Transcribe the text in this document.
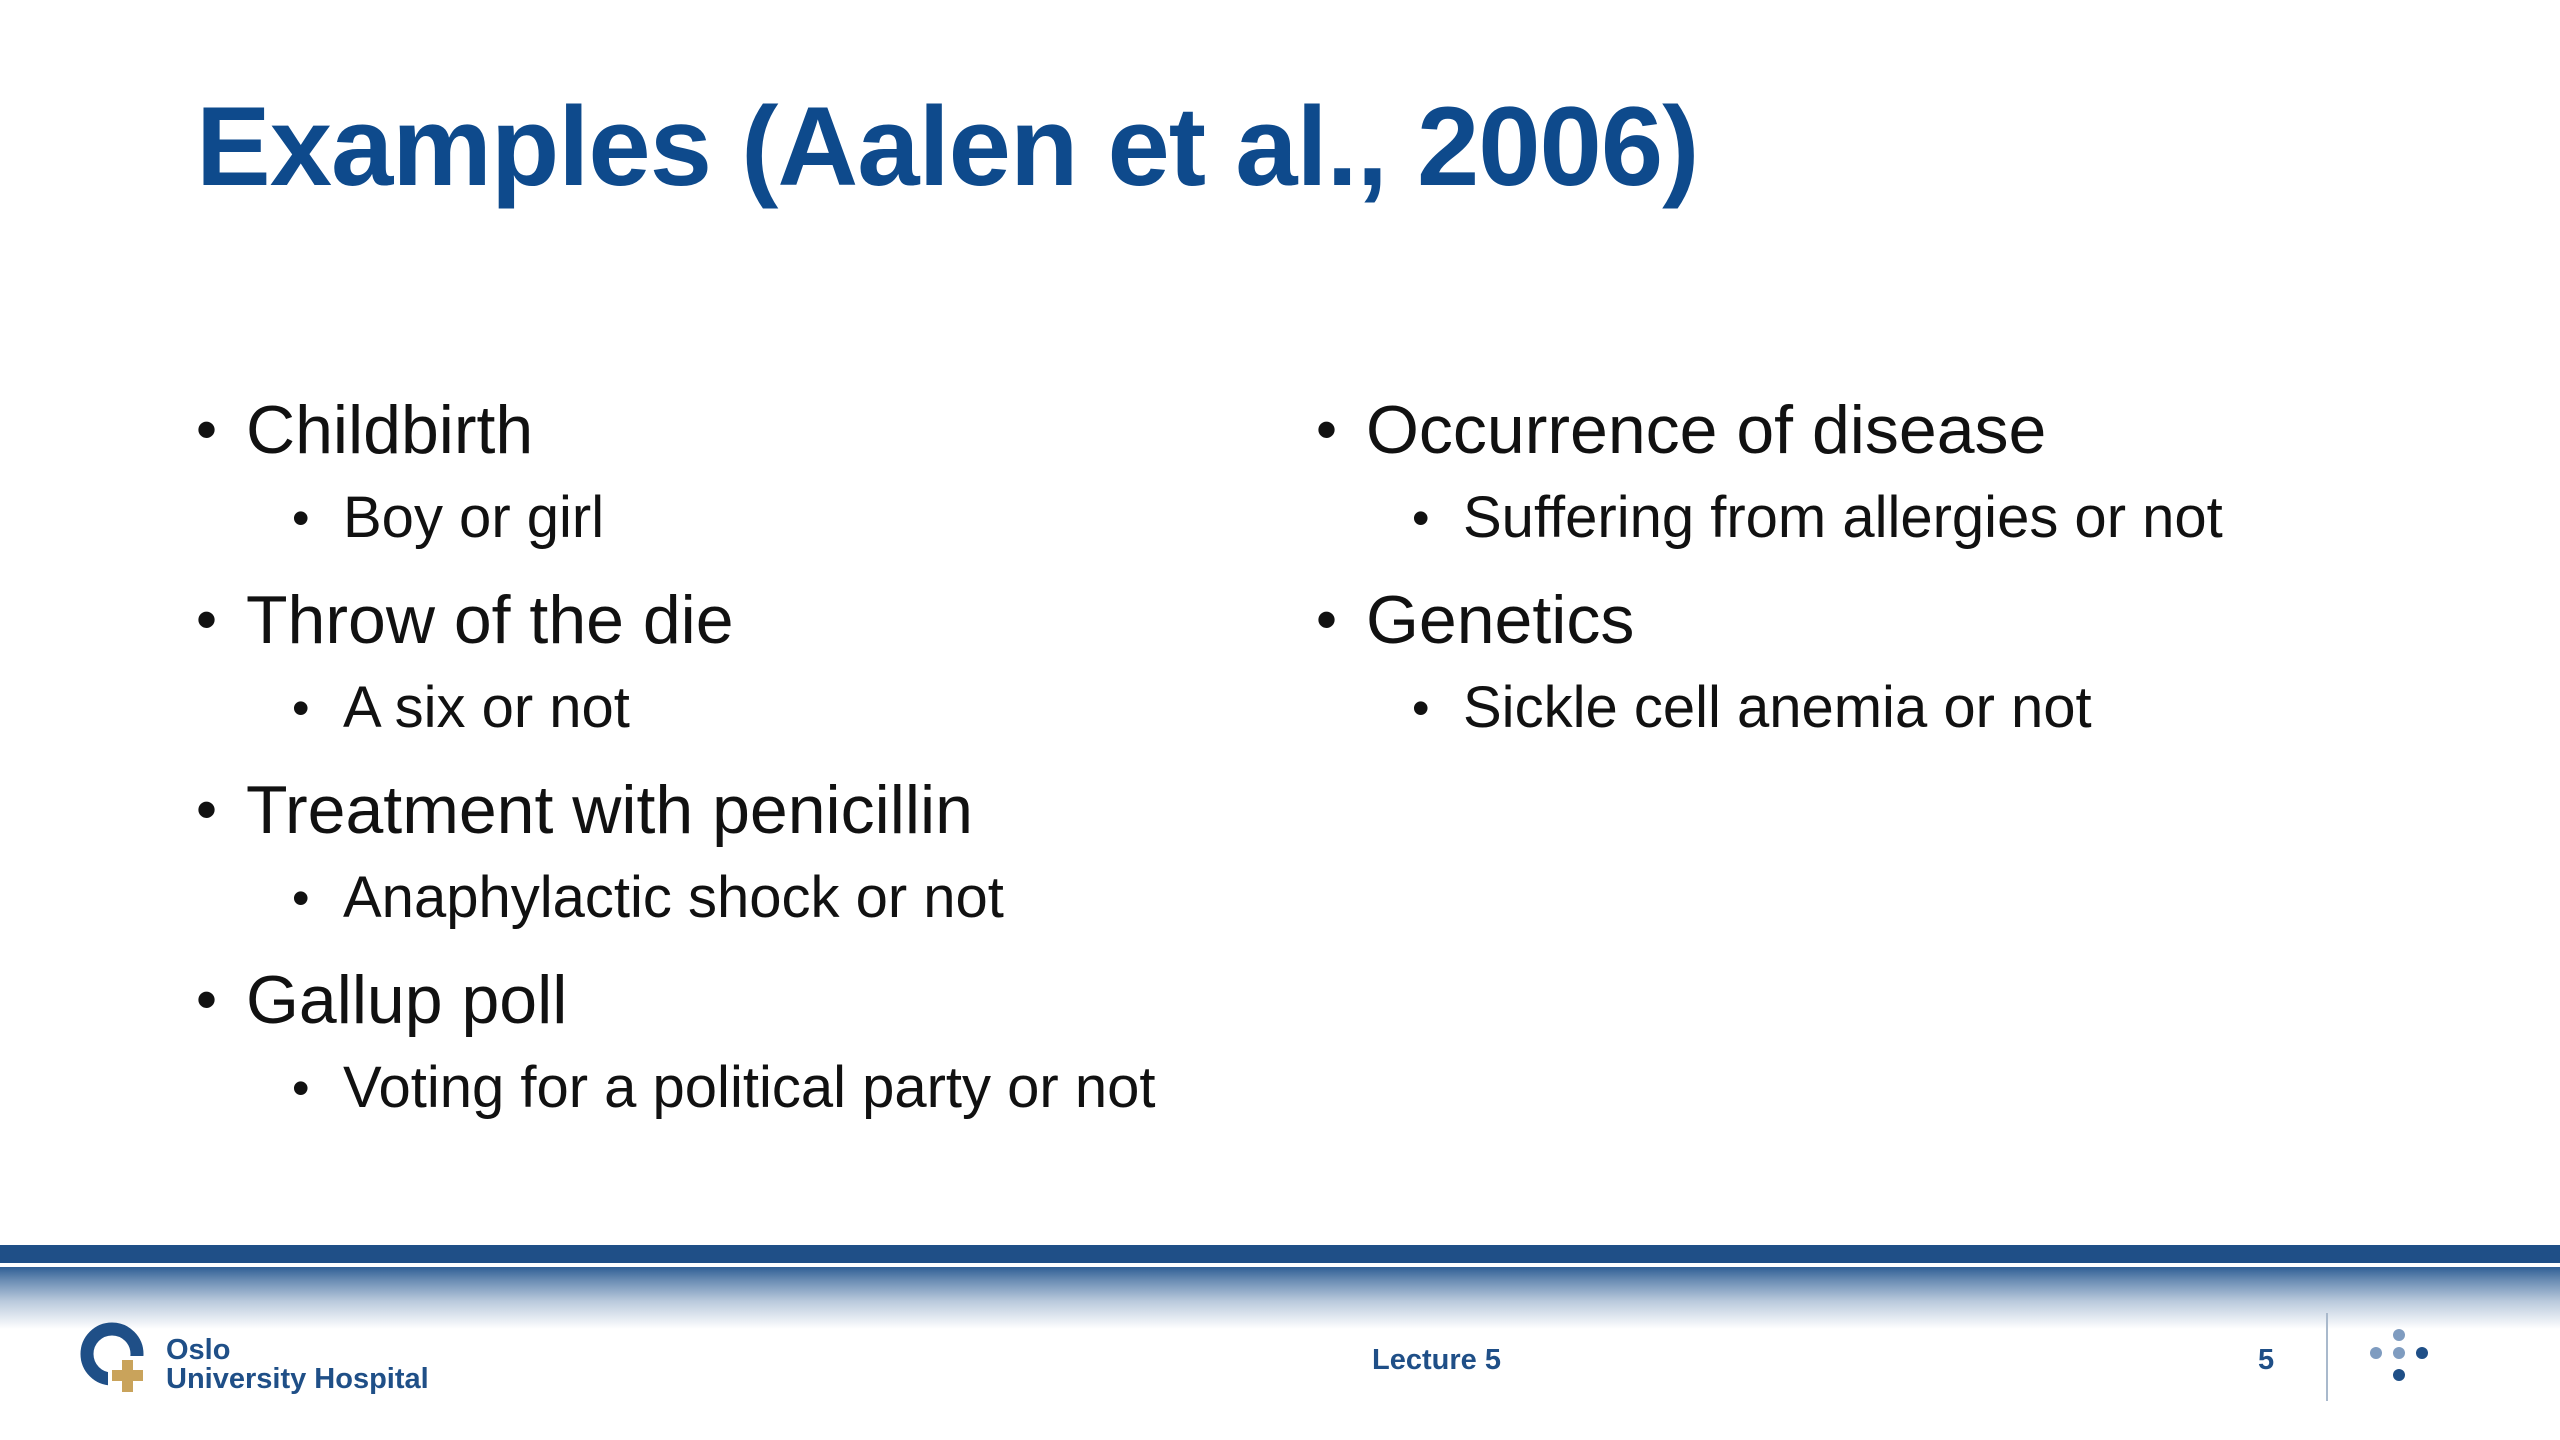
Examples (Aalen et al., 2006)
• Childbirth
• Boy or girl
• Throw of the die
• A six or not
• Treatment with penicillin
• Anaphylactic shock or not
• Gallup poll
• Voting for a political party or not
• Occurrence of disease
• Suffering from allergies or not
• Genetics
• Sickle cell anemia or not
Oslo
University Hospital
Lecture 5	5
